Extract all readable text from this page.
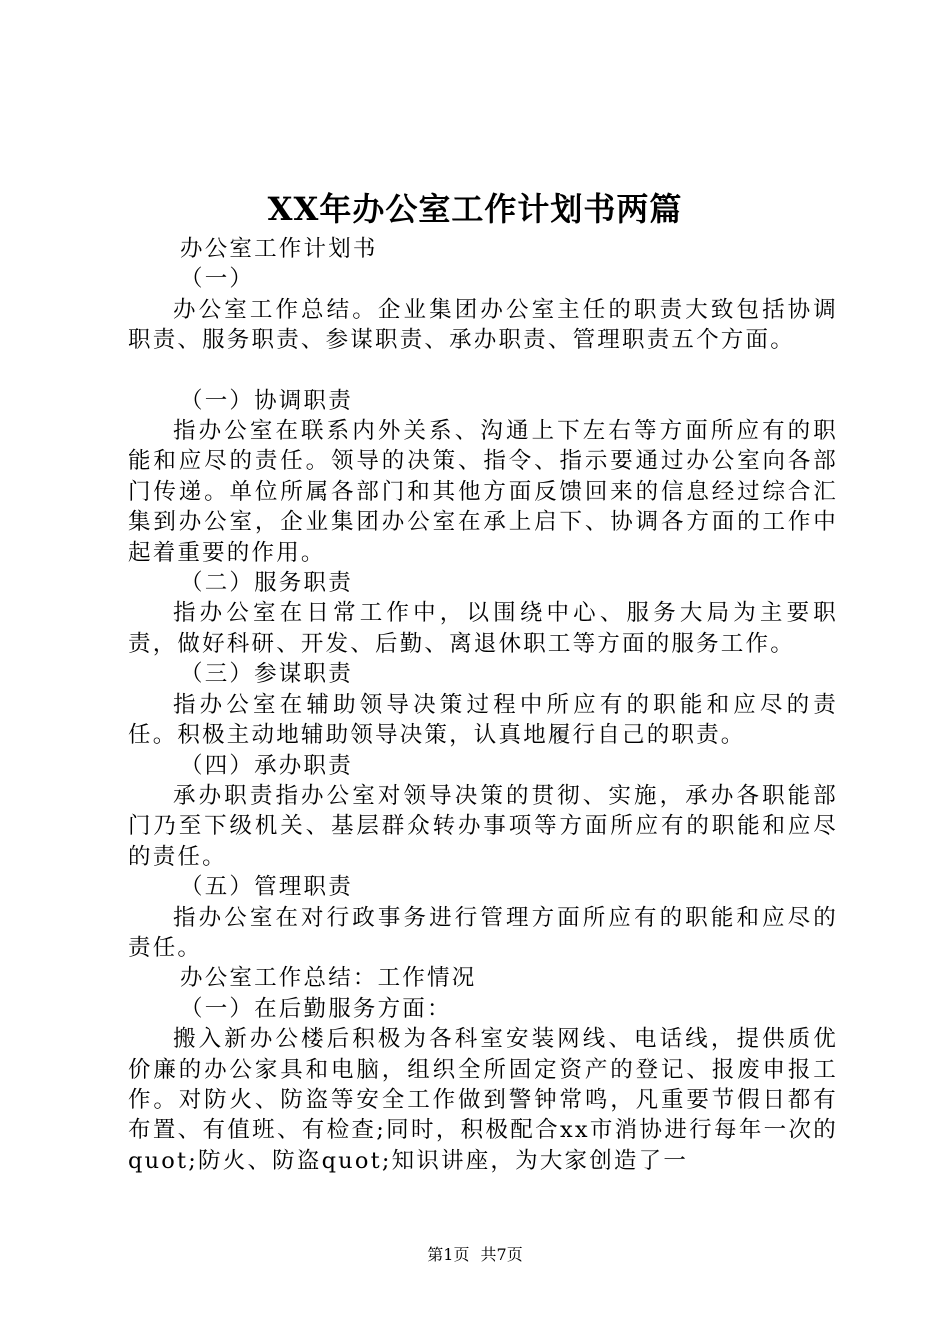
XX年办公室工作计划书两篇

办公室工作计划书

（一）

办公室工作总结。企业集团办公室主任的职责大致包括协调职责、服务职责、参谋职责、承办职责、管理职责五个方面。

（一）协调职责

指办公室在联系内外关系、沟通上下左右等方面所应有的职能和应尽的责任。领导的决策、指令、指示要通过办公室向各部门传递。单位所属各部门和其他方面反馈回来的信息经过综合汇集到办公室，企业集团办公室在承上启下、协调各方面的工作中起着重要的作用。

（二）服务职责

指办公室在日常工作中，以围绕中心、服务大局为主要职责，做好科研、开发、后勤、离退休职工等方面的服务工作。

（三）参谋职责

指办公室在辅助领导决策过程中所应有的职能和应尽的责任。积极主动地辅助领导决策，认真地履行自己的职责。

（四）承办职责

承办职责指办公室对领导决策的贯彻、实施，承办各职能部门乃至下级机关、基层群众转办事项等方面所应有的职能和应尽的责任。

（五）管理职责

指办公室在对行政事务进行管理方面所应有的职能和应尽的责任。

办公室工作总结：工作情况

（一）在后勤服务方面：

搬入新办公楼后积极为各科室安装网线、电话线，提供质优价廉的办公家具和电脑，组织全所固定资产的登记、报废申报工作。对防火、防盗等安全工作做到警钟常鸣，凡重要节假日都有布置、有值班、有检查;同时，积极配合xx市消协进行每年一次的quot;防火、防盗quot;知识讲座，为大家创造了一

第1页 共7页
